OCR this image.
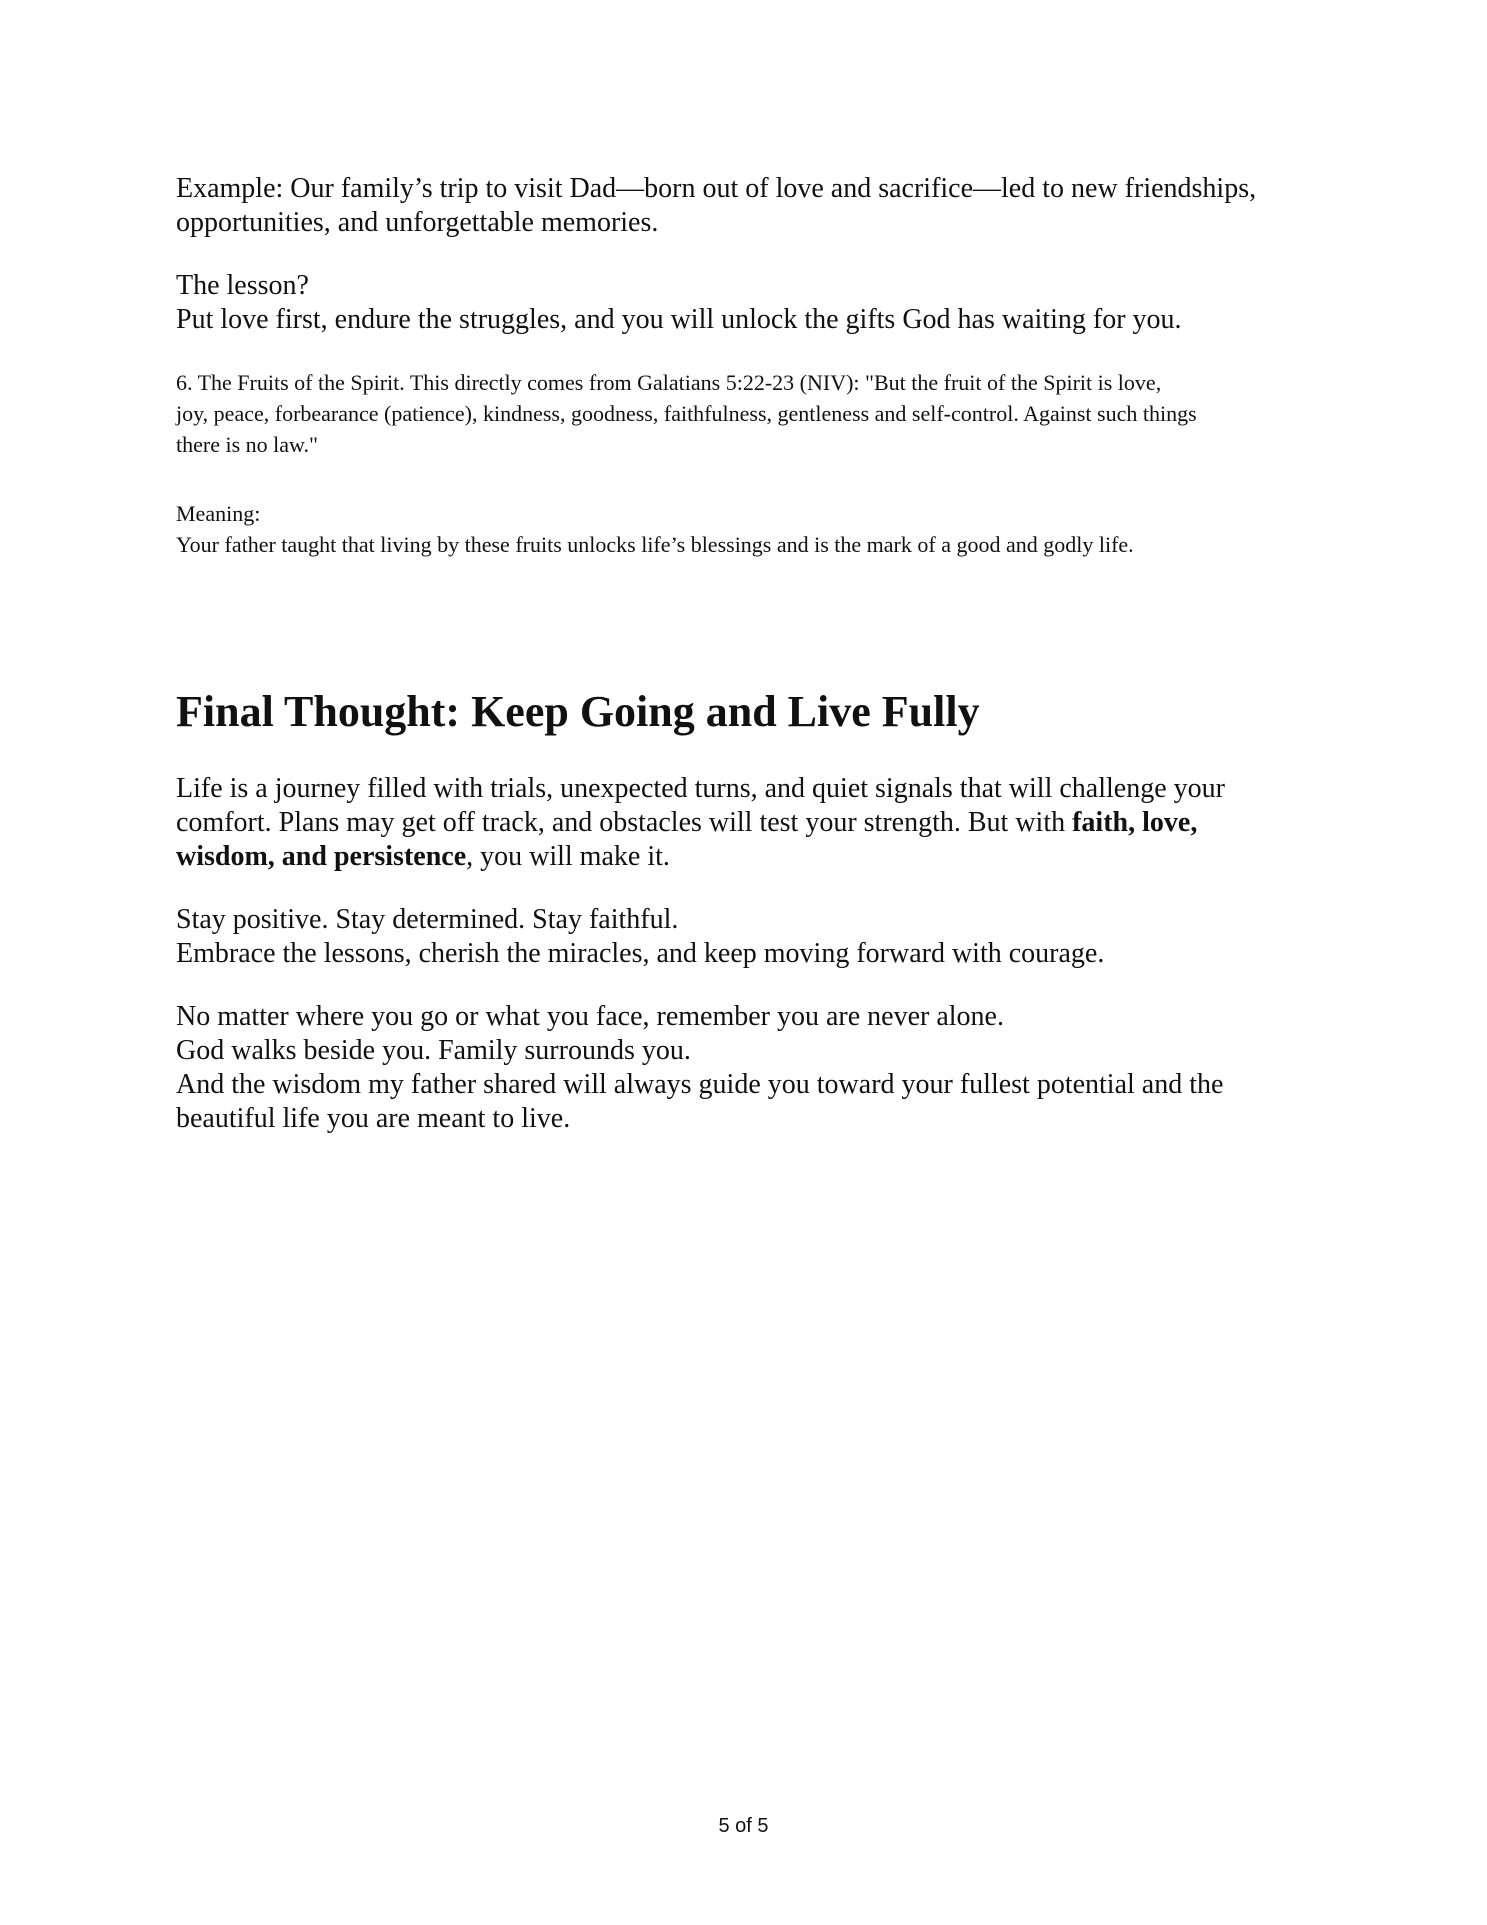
Example: Our family’s trip to visit Dad—born out of love and sacrifice—led to new friendships,
opportunities, and unforgettable memories.

The lesson?
Put love first, endure the struggles, and you will unlock the gifts God has waiting for you.

6. The Fruits of the Spirit. This directly comes from Galatians 5:22-23 (NIV): "But the fruit of the Spirit is love,
joy, peace, forbearance (patience), kindness, goodness, faithfulness, gentleness and self-control. Against such things
there is no law."

Meaning:
Your father taught that living by these fruits unlocks life’s blessings and is the mark of a good and godly life.

Final Thought: Keep Going and Live Fully

Life is a journey filled with trials, unexpected turns, and quiet signals that will challenge your
comfort. Plans may get off track, and obstacles will test your strength. But with faith, love,
wisdom, and persistence, you will make it.

Stay positive. Stay determined. Stay faithful.
Embrace the lessons, cherish the miracles, and keep moving forward with courage.

No matter where you go or what you face, remember you are never alone.
God walks beside you. Family surrounds you.
And the wisdom my father shared will always guide you toward your fullest potential and the
beautiful life you are meant to live.

5 of 5
